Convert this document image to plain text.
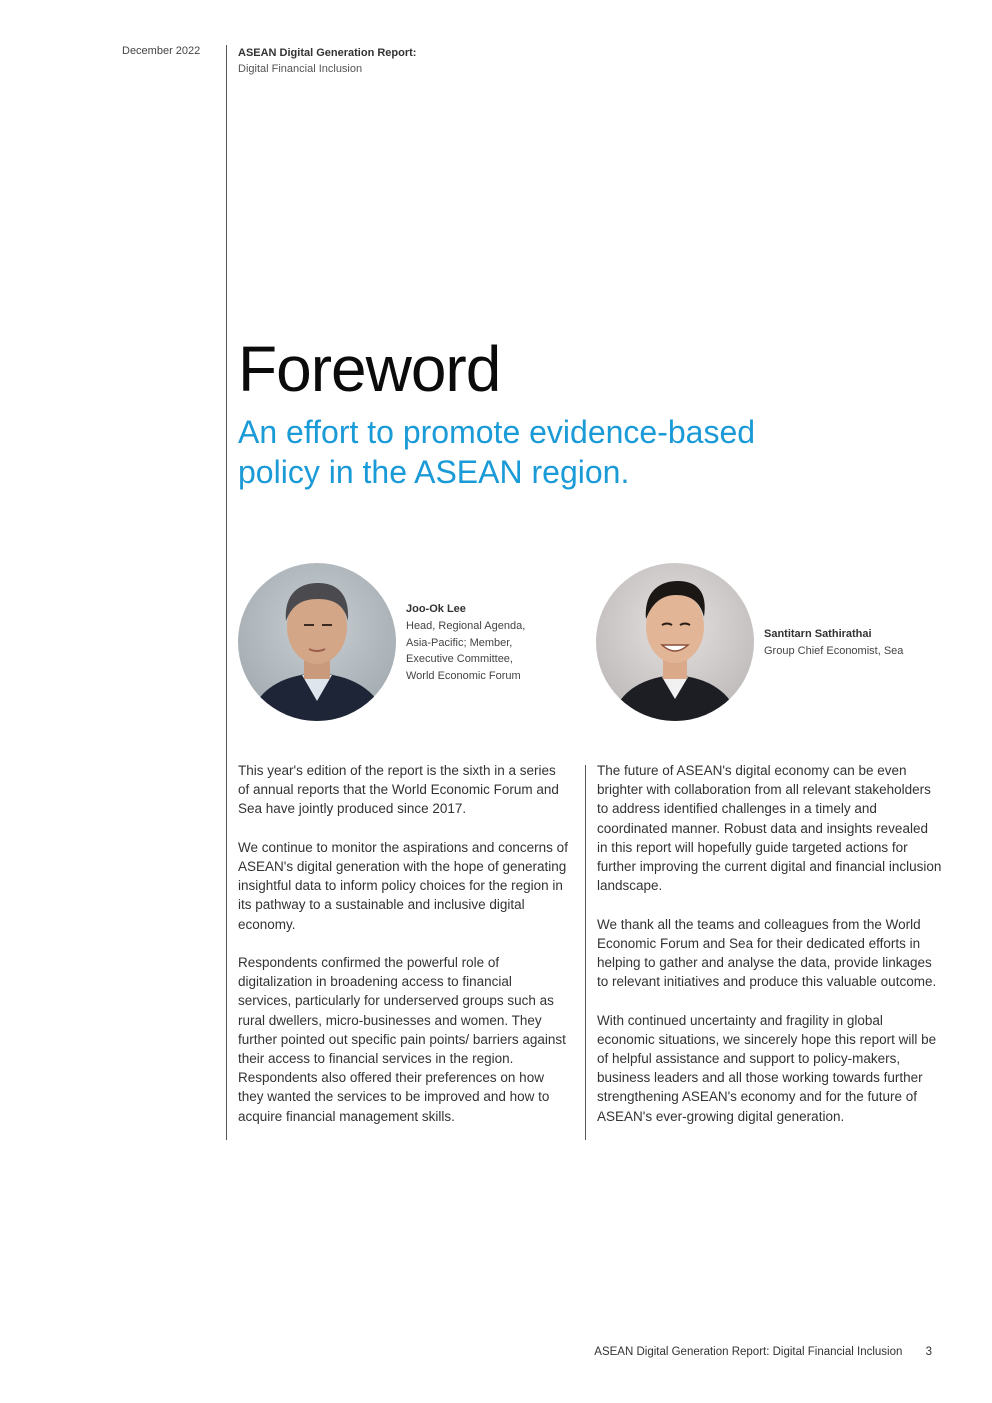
December 2022	ASEAN Digital Generation Report:
Digital Financial Inclusion
Foreword
An effort to promote evidence-based policy in the ASEAN region.
Joo-Ok Lee
Head, Regional Agenda,
Asia-Pacific; Member,
Executive Committee,
World Economic Forum
Santitarn Sathirathai
Group Chief Economist, Sea

This year's edition of the report is the sixth in a series of annual reports that the World Economic Forum and Sea have jointly produced since 2017.

We continue to monitor the aspirations and concerns of ASEAN's digital generation with the hope of generating insightful data to inform policy choices for the region in its pathway to a sustainable and inclusive digital economy.

Respondents confirmed the powerful role of digitalization in broadening access to financial services, particularly for underserved groups such as rural dwellers, micro-businesses and women. They further pointed out specific pain points/ barriers against their access to financial services in the region. Respondents also offered their preferences on how they wanted the services to be improved and how to acquire financial management skills.

The future of ASEAN's digital economy can be even brighter with collaboration from all relevant stakeholders to address identified challenges in a timely and coordinated manner. Robust data and insights revealed in this report will hopefully guide targeted actions for further improving the current digital and financial inclusion landscape.

We thank all the teams and colleagues from the World Economic Forum and Sea for their dedicated efforts in helping to gather and analyse the data, provide linkages to relevant initiatives and produce this valuable outcome.

With continued uncertainty and fragility in global economic situations, we sincerely hope this report will be of helpful assistance and support to policy-makers, business leaders and all those working towards further strengthening ASEAN's economy and for the future of ASEAN's ever-growing digital generation.

ASEAN Digital Generation Report: Digital Financial Inclusion 3
